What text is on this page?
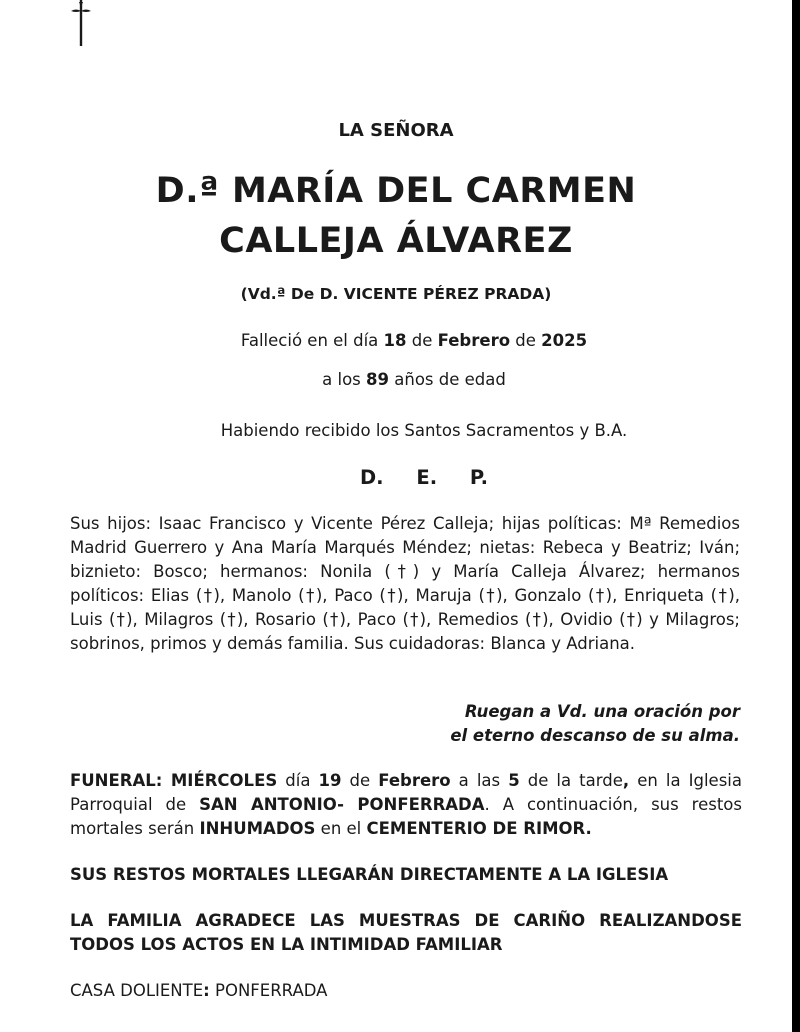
LA SEÑORA
D.ª MARÍA DEL CARMEN
CALLEJA ÁLVAREZ
(Vd.ª De D. VICENTE PÉREZ PRADA)
Falleció en el día 18 de Febrero de 2025
a los 89 años de edad
Habiendo recibido los Santos Sacramentos y B.A.
D. E. P.
Sus hijos: Isaac Francisco y Vicente Pérez Calleja; hijas políticas: Mª Remedios Madrid Guerrero y Ana María Marqués Méndez; nietas: Rebeca y Beatriz; Iván; biznieto: Bosco; hermanos: Nonila (†) y María Calleja Álvarez; hermanos políticos: Elias (†), Manolo (†), Paco (†), Maruja (†), Gonzalo (†), Enriqueta (†), Luis (†), Milagros (†), Rosario (†), Paco (†), Remedios (†), Ovidio (†) y Milagros; sobrinos, primos y demás familia. Sus cuidadoras: Blanca y Adriana.
Ruegan a Vd. una oración por
el eterno descanso de su alma.
FUNERAL: MIÉRCOLES día 19 de Febrero a las 5 de la tarde, en la Iglesia Parroquial de SAN ANTONIO- PONFERRADA. A continuación, sus restos mortales serán INHUMADOS en el CEMENTERIO DE RIMOR.
SUS RESTOS MORTALES LLEGARÁN DIRECTAMENTE A LA IGLESIA
LA FAMILIA AGRADECE LAS MUESTRAS DE CARIÑO REALIZANDOSE TODOS LOS ACTOS EN LA INTIMIDAD FAMILIAR
CASA DOLIENTE: PONFERRADA
